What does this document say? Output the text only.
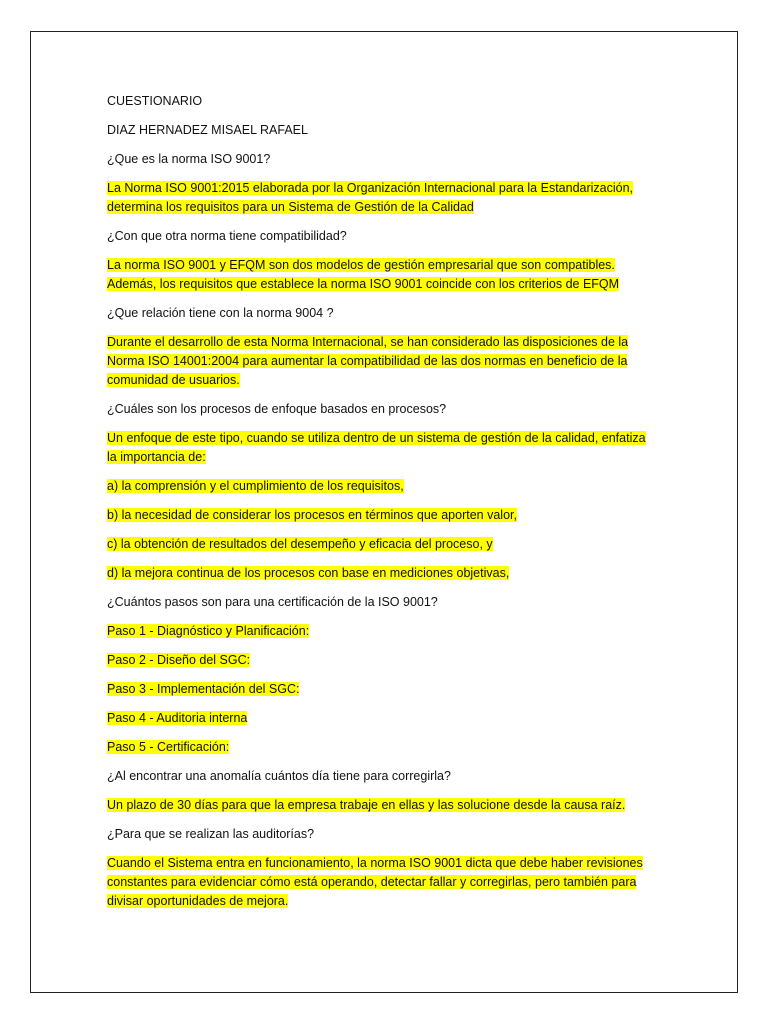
CUESTIONARIO

DIAZ HERNADEZ MISAEL RAFAEL

¿Que es la norma ISO 9001?

La Norma ISO 9001:2015 elaborada por la Organización Internacional para la Estandarización,
determina los requisitos para un Sistema de Gestión de la Calidad

¿Con que otra norma tiene compatibilidad?

La norma ISO 9001 y EFQM son dos modelos de gestión empresarial que son compatibles.
Además, los requisitos que establece la norma ISO 9001 coincide con los criterios de EFQM

¿Que relación tiene con la norma 9004 ?

Durante el desarrollo de esta Norma Internacional, se han considerado las disposiciones de la
Norma ISO 14001:2004 para aumentar la compatibilidad de las dos normas en beneficio de la
comunidad de usuarios.

¿Cuáles son los procesos de enfoque basados en procesos?

Un enfoque de este tipo, cuando se utiliza dentro de un sistema de gestión de la calidad, enfatiza
la importancia de:

a) la comprensión y el cumplimiento de los requisitos,

b) la necesidad de considerar los procesos en términos que aporten valor,

c) la obtención de resultados del desempeño y eficacia del proceso, y

d) la mejora continua de los procesos con base en mediciones objetivas,

¿Cuántos pasos son para una certificación de la ISO 9001?

Paso 1 - Diagnóstico y Planificación:

Paso 2 - Diseño del SGC:

Paso 3 - Implementación del SGC:

Paso 4 - Auditoria interna

Paso 5 - Certificación:

¿Al encontrar una anomalía cuántos día tiene para corregirla?

Un plazo de 30 días para que la empresa trabaje en ellas y las solucione desde la causa raíz.

¿Para que se realizan las auditorías?

Cuando el Sistema entra en funcionamiento, la norma ISO 9001 dicta que debe haber revisiones
constantes para evidenciar cómo está operando, detectar fallar y corregirlas, pero también para
divisar oportunidades de mejora.
